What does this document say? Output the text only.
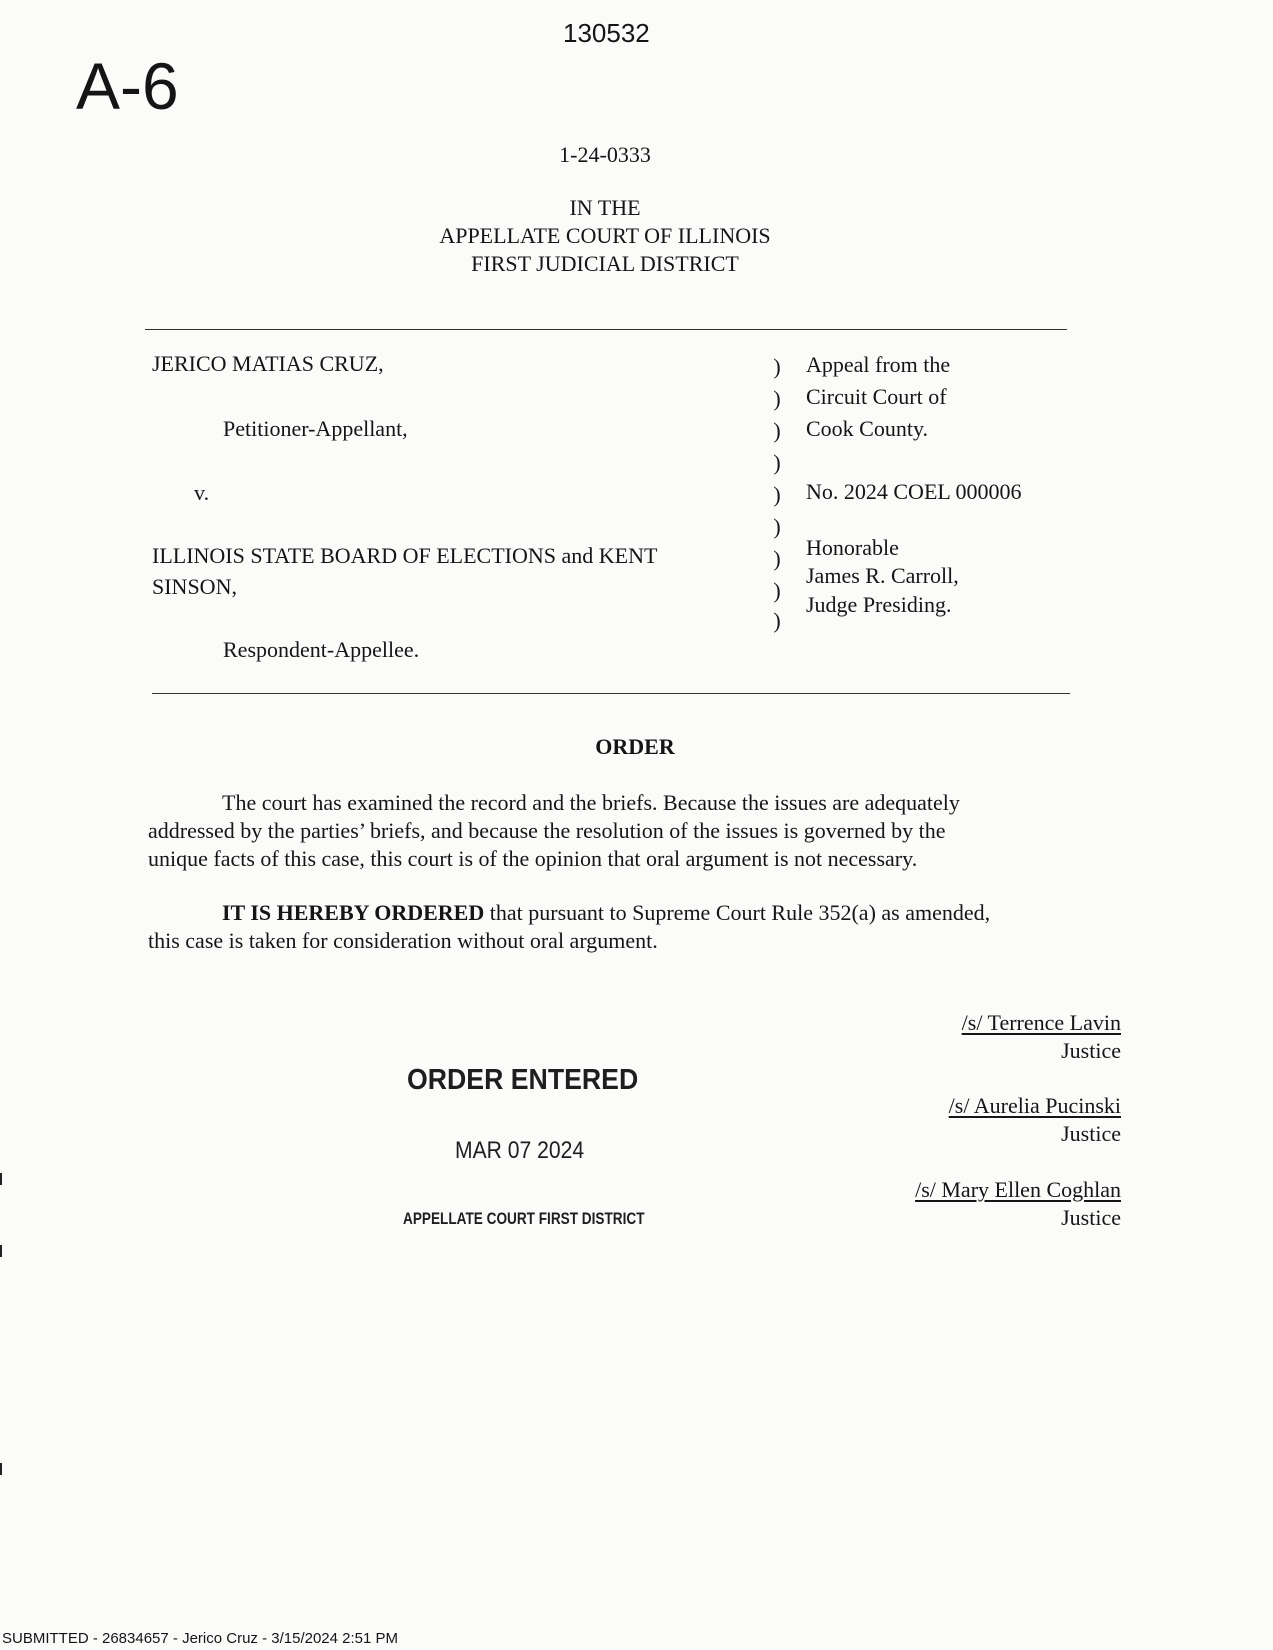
130532
A-6
1-24-0333
IN THE
APPELLATE COURT OF ILLINOIS
FIRST JUDICIAL DISTRICT
JERICO MATIAS CRUZ,
Petitioner-Appellant,
v.
ILLINOIS STATE BOARD OF ELECTIONS and KENT
SINSON,
Respondent-Appellee.
)
)
)
)
)
)
)
)
)
Appeal from the
Circuit Court of
Cook County.
No. 2024 COEL 000006
Honorable
James R. Carroll,
Judge Presiding.
ORDER
The court has examined the record and the briefs. Because the issues are adequately
addressed by the parties’ briefs, and because the resolution of the issues is governed by the
unique facts of this case, this court is of the opinion that oral argument is not necessary.
IT IS HEREBY ORDERED that pursuant to Supreme Court Rule 352(a) as amended,
this case is taken for consideration without oral argument.
/s/ Terrence Lavin
Justice
/s/ Aurelia Pucinski
Justice
/s/ Mary Ellen Coghlan
Justice
ORDER ENTERED
MAR 07 2024
APPELLATE COURT FIRST DISTRICT
SUBMITTED - 26834657 - Jerico Cruz - 3/15/2024 2:51 PM
